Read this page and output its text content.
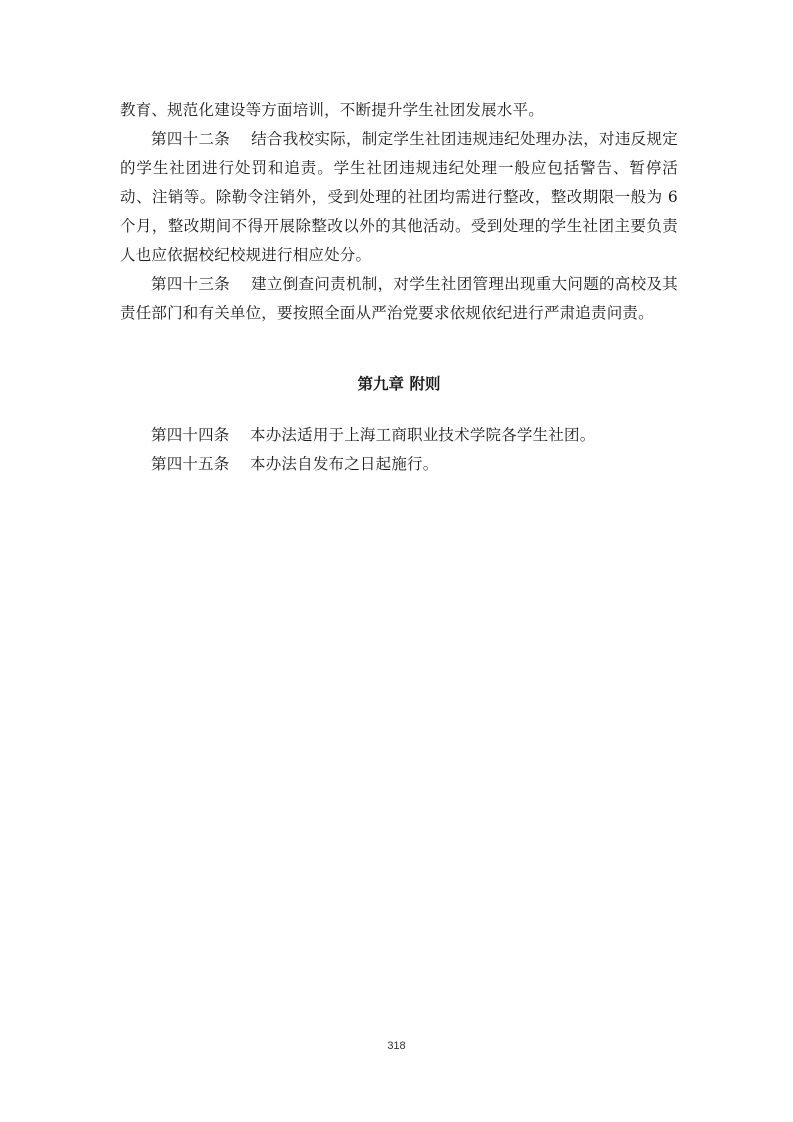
教育、规范化建设等方面培训，不断提升学生社团发展水平。

第四十二条 结合我校实际，制定学生社团违规违纪处理办法，对违反规定的学生社团进行处罚和追责。学生社团违规违纪处理一般应包括警告、暂停活动、注销等。除勒令注销外，受到处理的社团均需进行整改，整改期限一般为 6 个月，整改期间不得开展除整改以外的其他活动。受到处理的学生社团主要负责人也应依据校纪校规进行相应处分。

第四十三条 建立倒查问责机制，对学生社团管理出现重大问题的高校及其责任部门和有关单位，要按照全面从严治党要求依规依纪进行严肃追责问责。

第九章 附则

第四十四条 本办法适用于上海工商职业技术学院各学生社团。

第四十五条 本办法自发布之日起施行。

318
